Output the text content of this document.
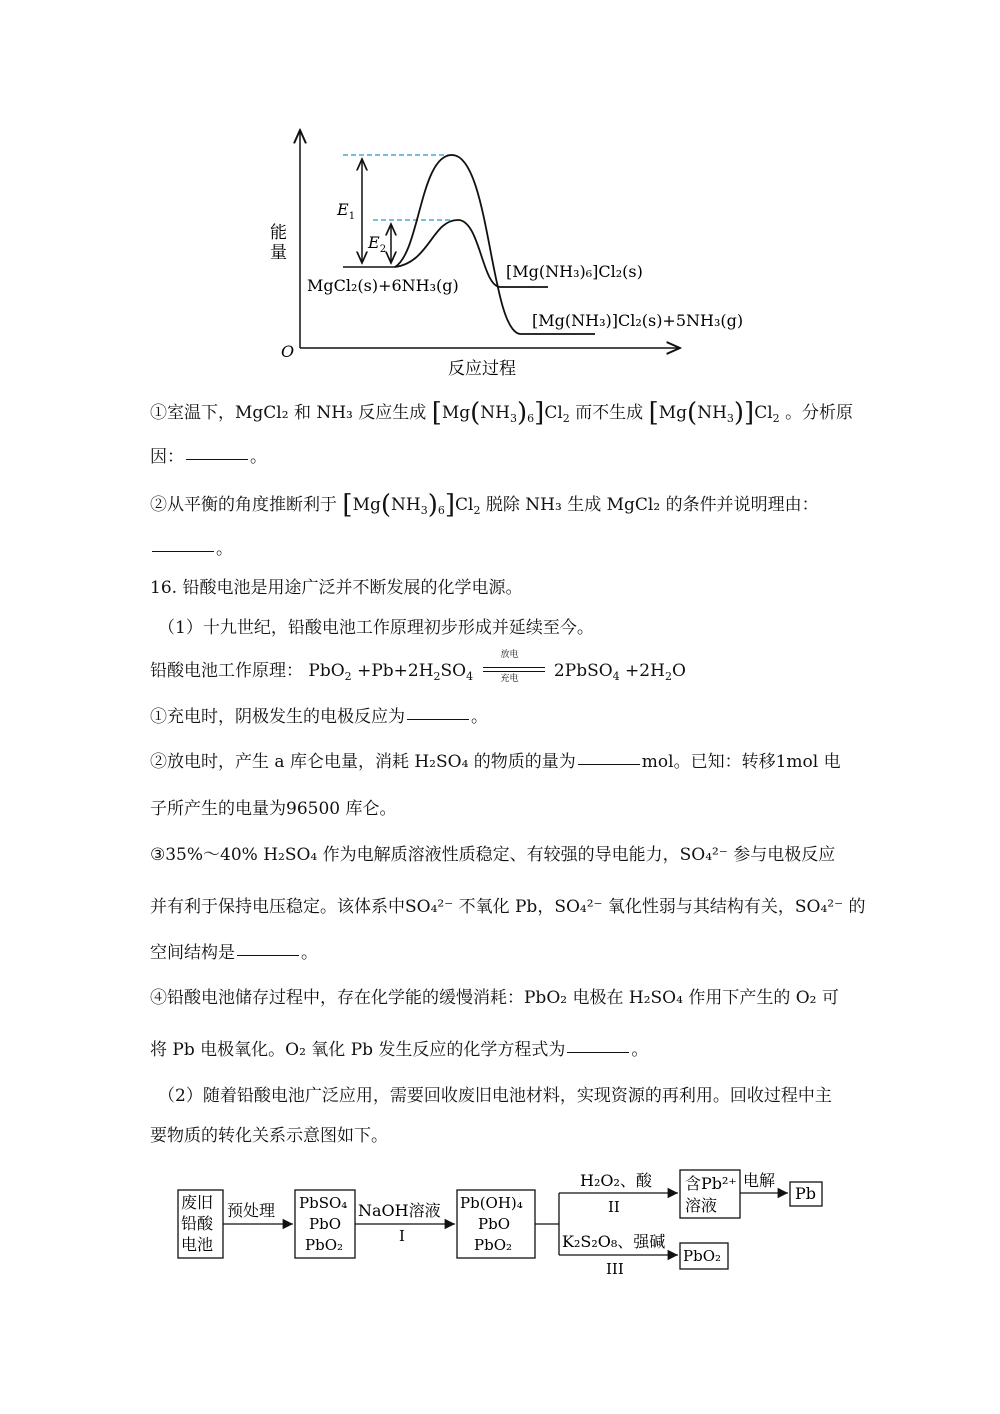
$E_1$
$E_2$
能
量
O
反应过程
MgCl₂(s)+6NH₃(g)
[Mg(NH₃)₆]Cl₂(s)
[Mg(NH₃)]Cl₂(s)+5NH₃(g)
①室温下，MgCl₂ 和 NH₃ 反应生成 $[Mg(NH_3)_6]Cl_2$ 而不生成 $[Mg(NH_3)]Cl_2$ 。分析原
因：	。
②从平衡的角度推断利于 $[Mg(NH_3)_6]Cl_2$ 脱除 NH₃ 生成 MgCl₂ 的条件并说明理由：
。
16. 铅酸电池是用途广泛并不断发展的化学电源。
（1）十九世纪，铅酸电池工作原理初步形成并延续至今。
铅酸电池工作原理： $PbO_2 +Pb+2H_2SO_4$
放电
充电 2PbSO$_4$ $+2H_2O$
①充电时，阴极发生的电极反应为	。
②放电时，产生 a 库仑电量，消耗 H₂SO₄ 的物质的量为	mol。已知：转移1mol 电
子所产生的电量为96500 库仑。
③35%～40% H₂SO₄ 作为电解质溶液性质稳定、有较强的导电能力，SO₄²⁻ 参与电极反应
并有利于保持电压稳定。该体系中SO₄²⁻ 不氧化 Pb，SO₄²⁻ 氧化性弱与其结构有关，SO₄²⁻ 的
空间结构是	。
④铅酸电池储存过程中，存在化学能的缓慢消耗：PbO₂ 电极在 H₂SO₄ 作用下产生的 O₂ 可
将 Pb 电极氧化。O₂ 氧化 Pb 发生反应的化学方程式为	。
（2）随着铅酸电池广泛应用，需要回收废旧电池材料，实现资源的再利用。回收过程中主
要物质的转化关系示意图如下。
废旧
铅酸
电池
预处理 PbSO₄
PbO
PbO₂
NaOH溶液
I
Pb(OH)₄
PbO
PbO₂
H₂O₂、酸
II
K₂S₂O₈、强碱
III
含Pb²⁺
溶液
电解
Pb
PbO₂
